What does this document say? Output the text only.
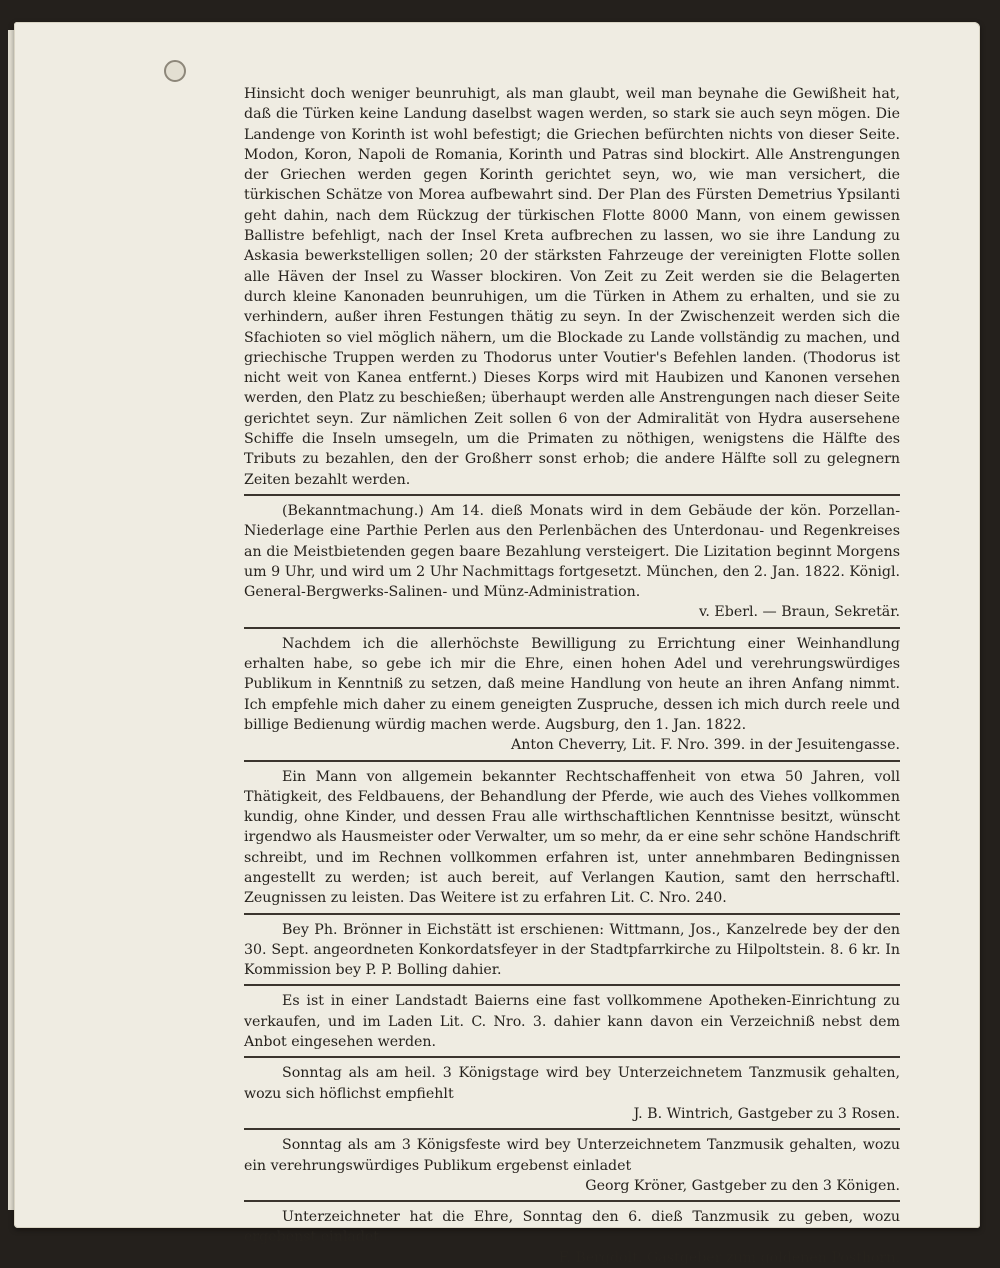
Hinsicht doch weniger beunruhigt, als man glaubt, weil man beynahe die Gewißheit hat, daß die Türken keine Landung daselbst wagen werden, so stark sie auch seyn mögen. Die Landenge von Korinth ist wohl befestigt; die Griechen befürchten nichts von dieser Seite. Modon, Koron, Napoli de Romania, Korinth und Patras sind blockirt. Alle Anstrengungen der Griechen werden gegen Korinth gerichtet seyn, wo, wie man versichert, die türkischen Schätze von Morea aufbewahrt sind. Der Plan des Fürsten Demetrius Ypsilanti geht dahin, nach dem Rückzug der türkischen Flotte 8000 Mann, von einem gewissen Ballistre befehligt, nach der Insel Kreta aufbrechen zu lassen, wo sie ihre Landung zu Askasia bewerkstelligen sollen; 20 der stärksten Fahrzeuge der vereinigten Flotte sollen alle Häven der Insel zu Wasser blockiren. Von Zeit zu Zeit werden sie die Belagerten durch kleine Kanonaden beunruhigen, um die Türken in Athem zu erhalten, und sie zu verhindern, außer ihren Festungen thätig zu seyn. In der Zwischenzeit werden sich die Sfachioten so viel möglich nähern, um die Blockade zu Lande vollständig zu machen, und griechische Truppen werden zu Thodorus unter Voutier's Befehlen landen. (Thodorus ist nicht weit von Kanea entfernt.) Dieses Korps wird mit Haubizen und Kanonen versehen werden, den Platz zu beschießen; überhaupt werden alle Anstrengungen nach dieser Seite gerichtet seyn. Zur nämlichen Zeit sollen 6 von der Admiralität von Hydra ausersehene Schiffe die Inseln umsegeln, um die Primaten zu nöthigen, wenigstens die Hälfte des Tributs zu bezahlen, den der Großherr sonst erhob; die andere Hälfte soll zu gelegnern Zeiten bezahlt werden.

(Bekanntmachung.) Am 14. dieß Monats wird in dem Gebäude der kön. Porzellan-Niederlage eine Parthie Perlen aus den Perlenbächen des Unterdonau- und Regenkreises an die Meistbietenden gegen baare Bezahlung versteigert. Die Lizitation beginnt Morgens um 9 Uhr, und wird um 2 Uhr Nachmittags fortgesetzt. München, den 2. Jan. 1822. Königl. General-Bergwerks-Salinen- und Münz-Administration.
v. Eberl. — Braun, Sekretär.
Nachdem ich die allerhöchste Bewilligung zu Errichtung einer Weinhandlung erhalten habe, so gebe ich mir die Ehre, einen hohen Adel und verehrungswürdiges Publikum in Kenntniß zu setzen, daß meine Handlung von heute an ihren Anfang nimmt. Ich empfehle mich daher zu einem geneigten Zuspruche, dessen ich mich durch reele und billige Bedienung würdig machen werde. Augsburg, den 1. Jan. 1822.
Anton Cheverry, Lit. F. Nro. 399. in der Jesuitengasse.
Ein Mann von allgemein bekannter Rechtschaffenheit von etwa 50 Jahren, voll Thätigkeit, des Feldbauens, der Behandlung der Pferde, wie auch des Viehes vollkommen kundig, ohne Kinder, und dessen Frau alle wirthschaftlichen Kenntnisse besitzt, wünscht irgendwo als Hausmeister oder Verwalter, um so mehr, da er eine sehr schöne Handschrift schreibt, und im Rechnen vollkommen erfahren ist, unter annehmbaren Bedingnissen angestellt zu werden; ist auch bereit, auf Verlangen Kaution, samt den herrschaftl. Zeugnissen zu leisten. Das Weitere ist zu erfahren Lit. C. Nro. 240.
Bey Ph. Brönner in Eichstätt ist erschienen: Wittmann, Jos., Kanzelrede bey der den 30. Sept. angeordneten Konkordatsfeyer in der Stadtpfarrkirche zu Hilpoltstein. 8. 6 kr. In Kommission bey P. P. Bolling dahier.
Es ist in einer Landstadt Baierns eine fast vollkommene Apotheken-Einrichtung zu verkaufen, und im Laden Lit. C. Nro. 3. dahier kann davon ein Verzeichniß nebst dem Anbot eingesehen werden.
Sonntag als am heil. 3 Königstage wird bey Unterzeichnetem Tanzmusik gehalten, wozu sich höflichst empfiehlt
J. B. Wintrich, Gastgeber zu 3 Rosen.
Sonntag als am 3 Königsfeste wird bey Unterzeichnetem Tanzmusik gehalten, wozu ein verehrungswürdiges Publikum ergebenst einladet
Georg Kröner, Gastgeber zu den 3 Königen.
Unterzeichneter hat die Ehre, Sonntag den 6. dieß Tanzmusik zu geben, wozu ergebenst einladet
F. Bergdolt, Gastgeber zum goldenen Posthorn.
